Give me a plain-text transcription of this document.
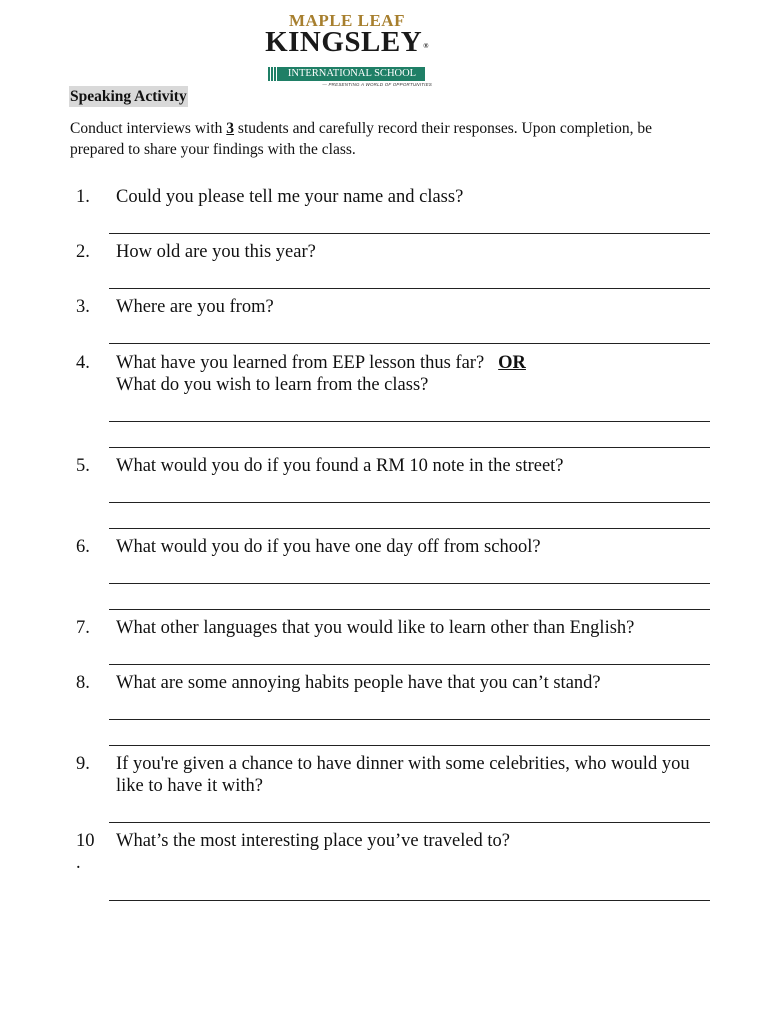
MAPLE LEAF
KINGSLEY®
INTERNATIONAL SCHOOL
— PRESENTING A WORLD OF OPPORTUNITIES
Speaking Activity
Conduct interviews with 3 students and carefully record their responses. Upon completion, be prepared to share your findings with the class.
1.	Could you please tell me your name and class?
2.	How old are you this year?
3.	Where are you from?
4.	What have you learned from EEP lesson thus far? OR
What do you wish to learn from the class?
5.	What would you do if you found a RM 10 note in the street?
6.	What would you do if you have one day off from school?
7.	What other languages that you would like to learn other than English?
8.	What are some annoying habits people have that you can’t stand?
9.	If you're given a chance to have dinner with some celebrities, who would you like to have it with?
10
.
What’s the most interesting place you’ve traveled to?
